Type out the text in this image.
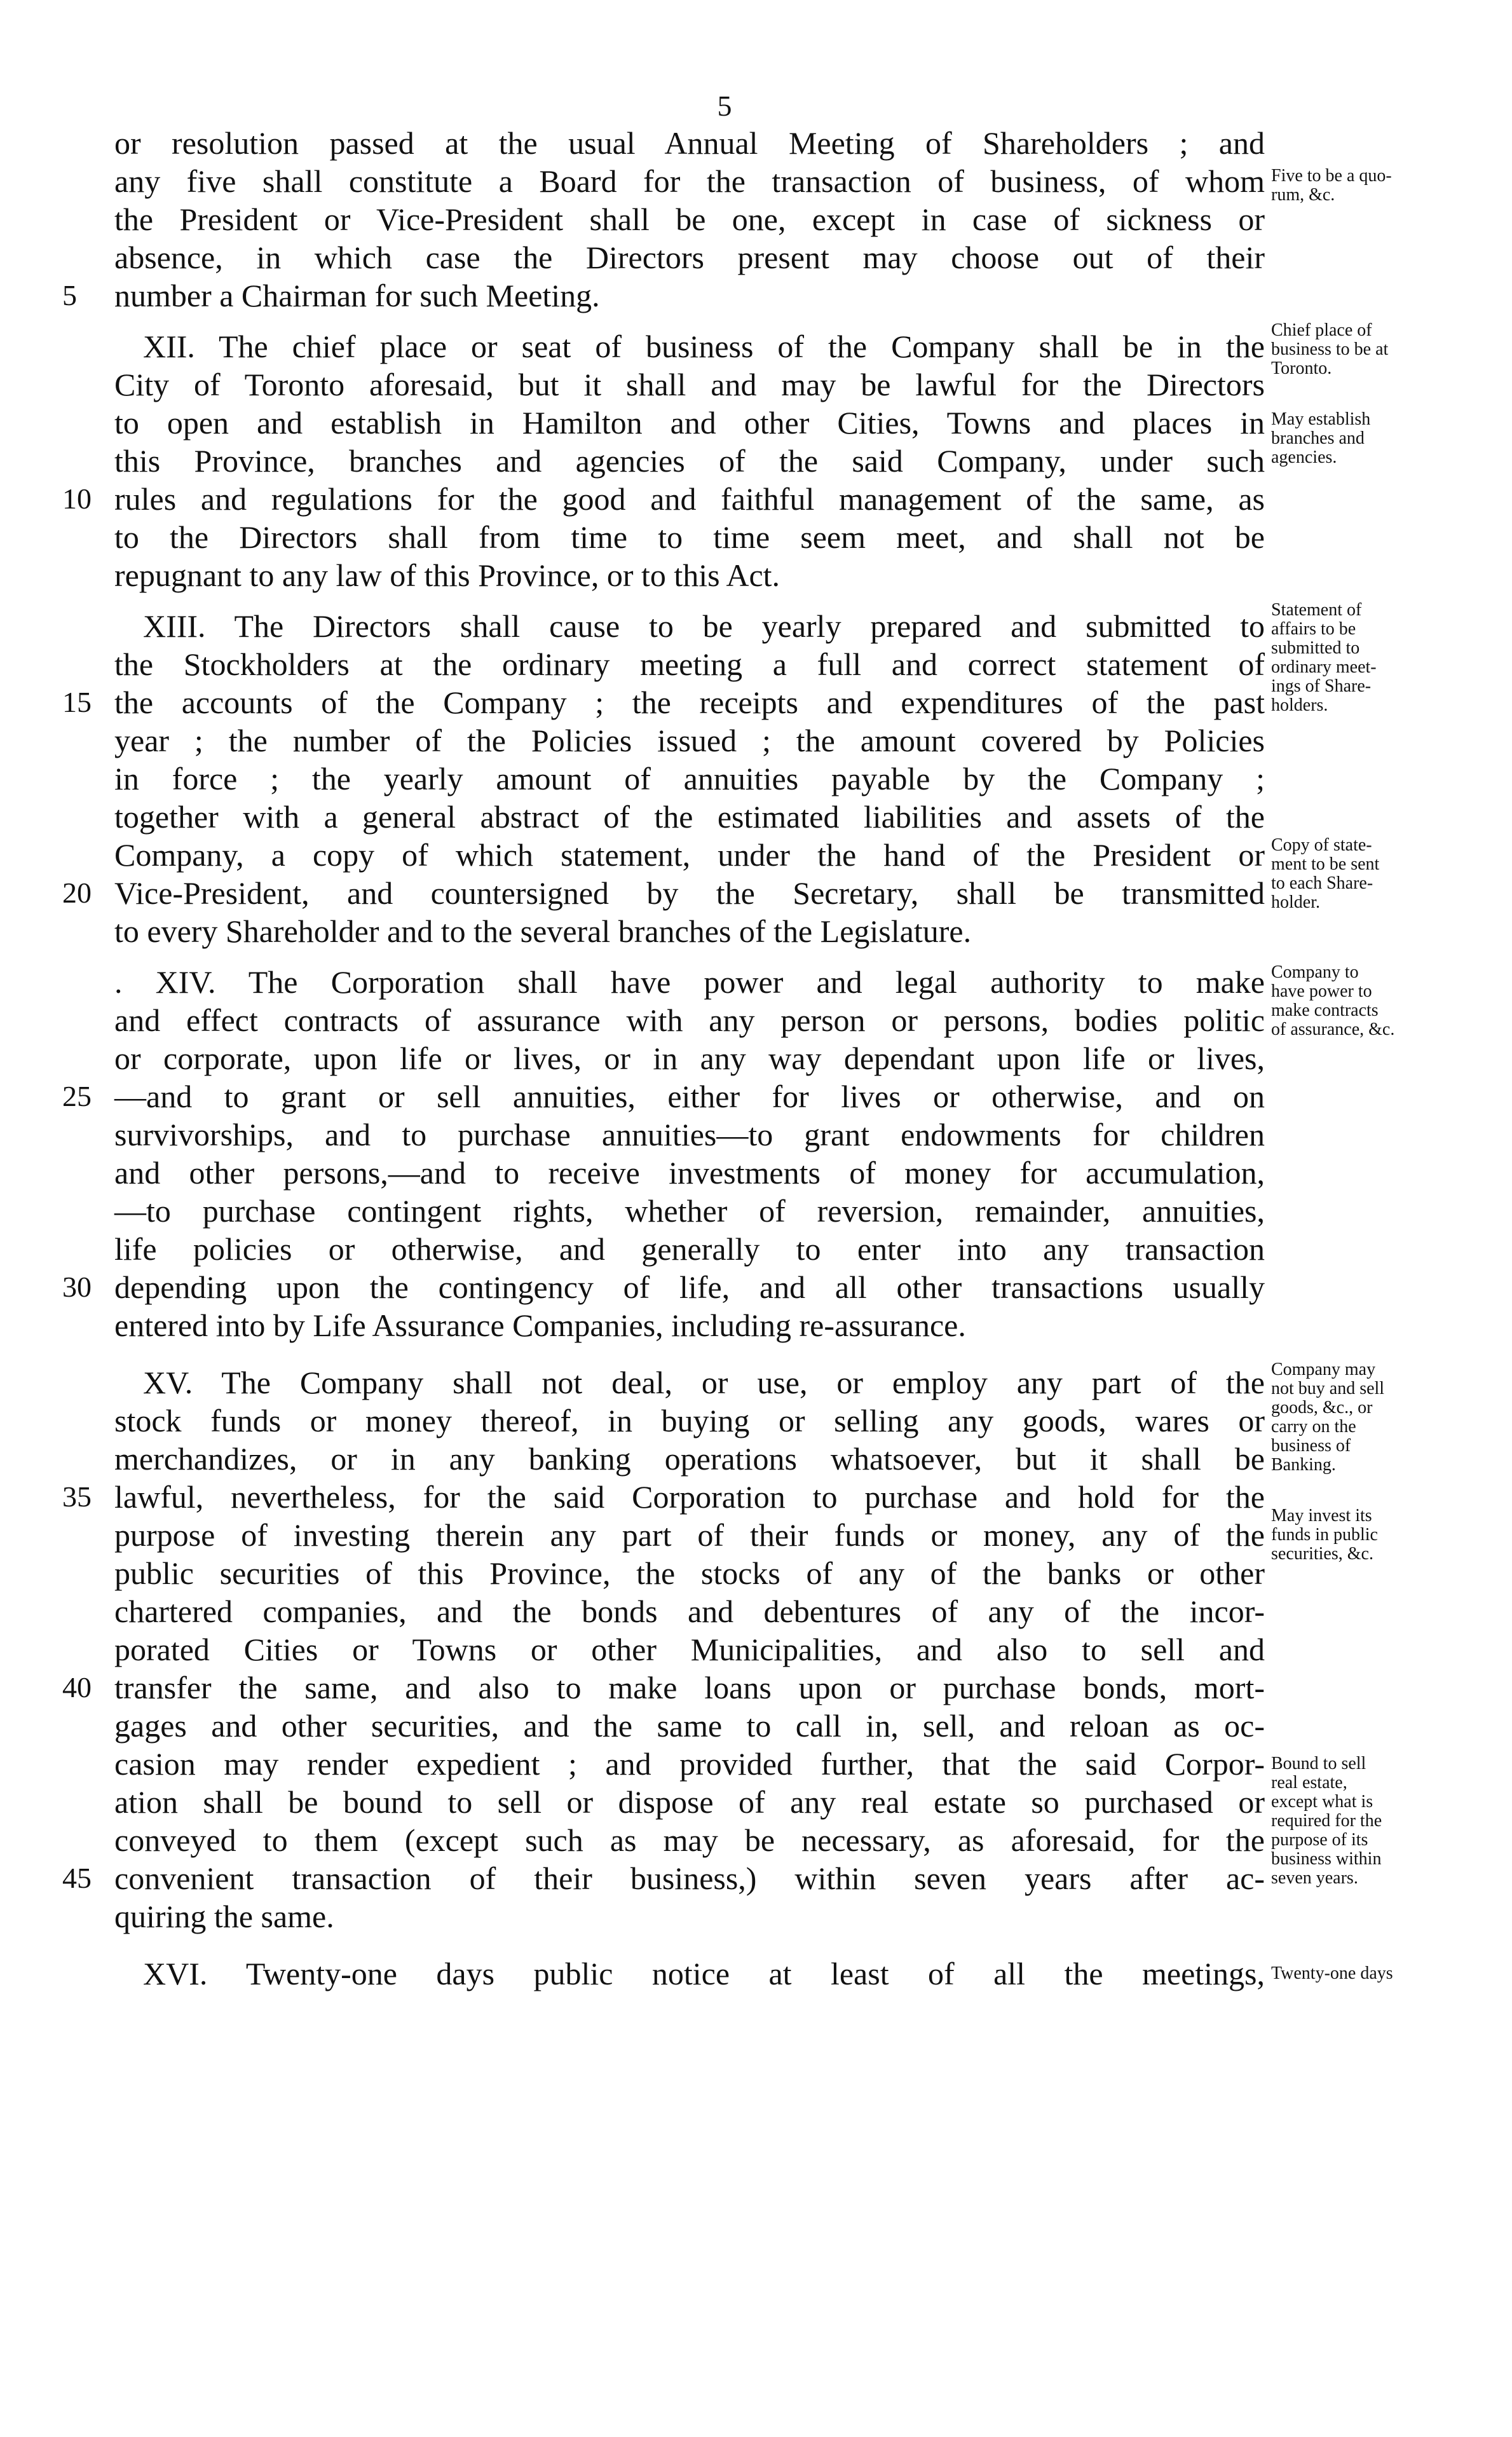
5
or resolution passed at the usual Annual Meeting of Shareholders ; and
any five shall constitute a Board for the transaction of business, of whom
the President or Vice-President shall be one, except in case of sickness or
absence, in which case the Directors present may choose out of their
5	number a Chairman for such Meeting.
XII. The chief place or seat of business of the Company shall be in the
City of Toronto aforesaid, but it shall and may be lawful for the Directors
to open and establish in Hamilton and other Cities, Towns and places in
this Province, branches and agencies of the said Company, under such
10 rules and regulations for the good and faithful management of the same, as
to the Directors shall from time to time seem meet, and shall not be
repugnant to any law of this Province, or to this Act.
XIII. The Directors shall cause to be yearly prepared and submitted to
the Stockholders at the ordinary meeting a full and correct statement of
15 the accounts of the Company ; the receipts and expenditures of the past
year ; the number of the Policies issued ; the amount covered by Policies
in force ; the yearly amount of annuities payable by the Company ;
together with a general abstract of the estimated liabilities and assets of the
Company, a copy of which statement, under the hand of the President or
20 Vice-President, and countersigned by the Secretary, shall be transmitted
to every Shareholder and to the several branches of the Legislature.
. XIV. The Corporation shall have power and legal authority to make
and effect contracts of assurance with any person or persons, bodies politic
or corporate, upon life or lives, or in any way dependant upon life or lives,
25 —and to grant or sell annuities, either for lives or otherwise, and on
survivorships, and to purchase annuities—to grant endowments for children
and other persons,—and to receive investments of money for accumulation,
—to purchase contingent rights, whether of reversion, remainder, annuities,
life policies or otherwise, and generally to enter into any transaction
30 depending upon the contingency of life, and all other transactions usually
entered into by Life Assurance Companies, including re-assurance.
XV. The Company shall not deal, or use, or employ any part of the
stock funds or money thereof, in buying or selling any goods, wares or
merchandizes, or in any banking operations whatsoever, but it shall be
35 lawful, nevertheless, for the said Corporation to purchase and hold for the
purpose of investing therein any part of their funds or money, any of the
public securities of this Province, the stocks of any of the banks or other
chartered companies, and the bonds and debentures of any of the incor-
porated Cities or Towns or other Municipalities, and also to sell and
40 transfer the same, and also to make loans upon or purchase bonds, mort-
gages and other securities, and the same to call in, sell, and reloan as oc-
casion may render expedient ; and provided further, that the said Corpor-
ation shall be bound to sell or dispose of any real estate so purchased or
conveyed to them (except such as may be necessary, as aforesaid, for the
45 convenient transaction of their business,) within seven years after ac-
quiring the same.
XVI. Twenty-one days public notice at least of all the meetings,
Five to be a quo-
rum, &c.
Chief place of
business to be at
Toronto.
May establish
branches and
agencies.
Statement of
affairs to be
submitted to
ordinary meet-
ings of Share-
holders.
Copy of state-
ment to be sent
to each Share-
holder.
Company to
have power to
make contracts
of assurance, &c.
Company may
not buy and sell
goods, &c., or
carry on the
business of
Banking.
May invest its
funds in public
securities, &c.
Bound to sell
real estate,
except what is
required for the
purpose of its
business within
seven years.
Twenty-one days
